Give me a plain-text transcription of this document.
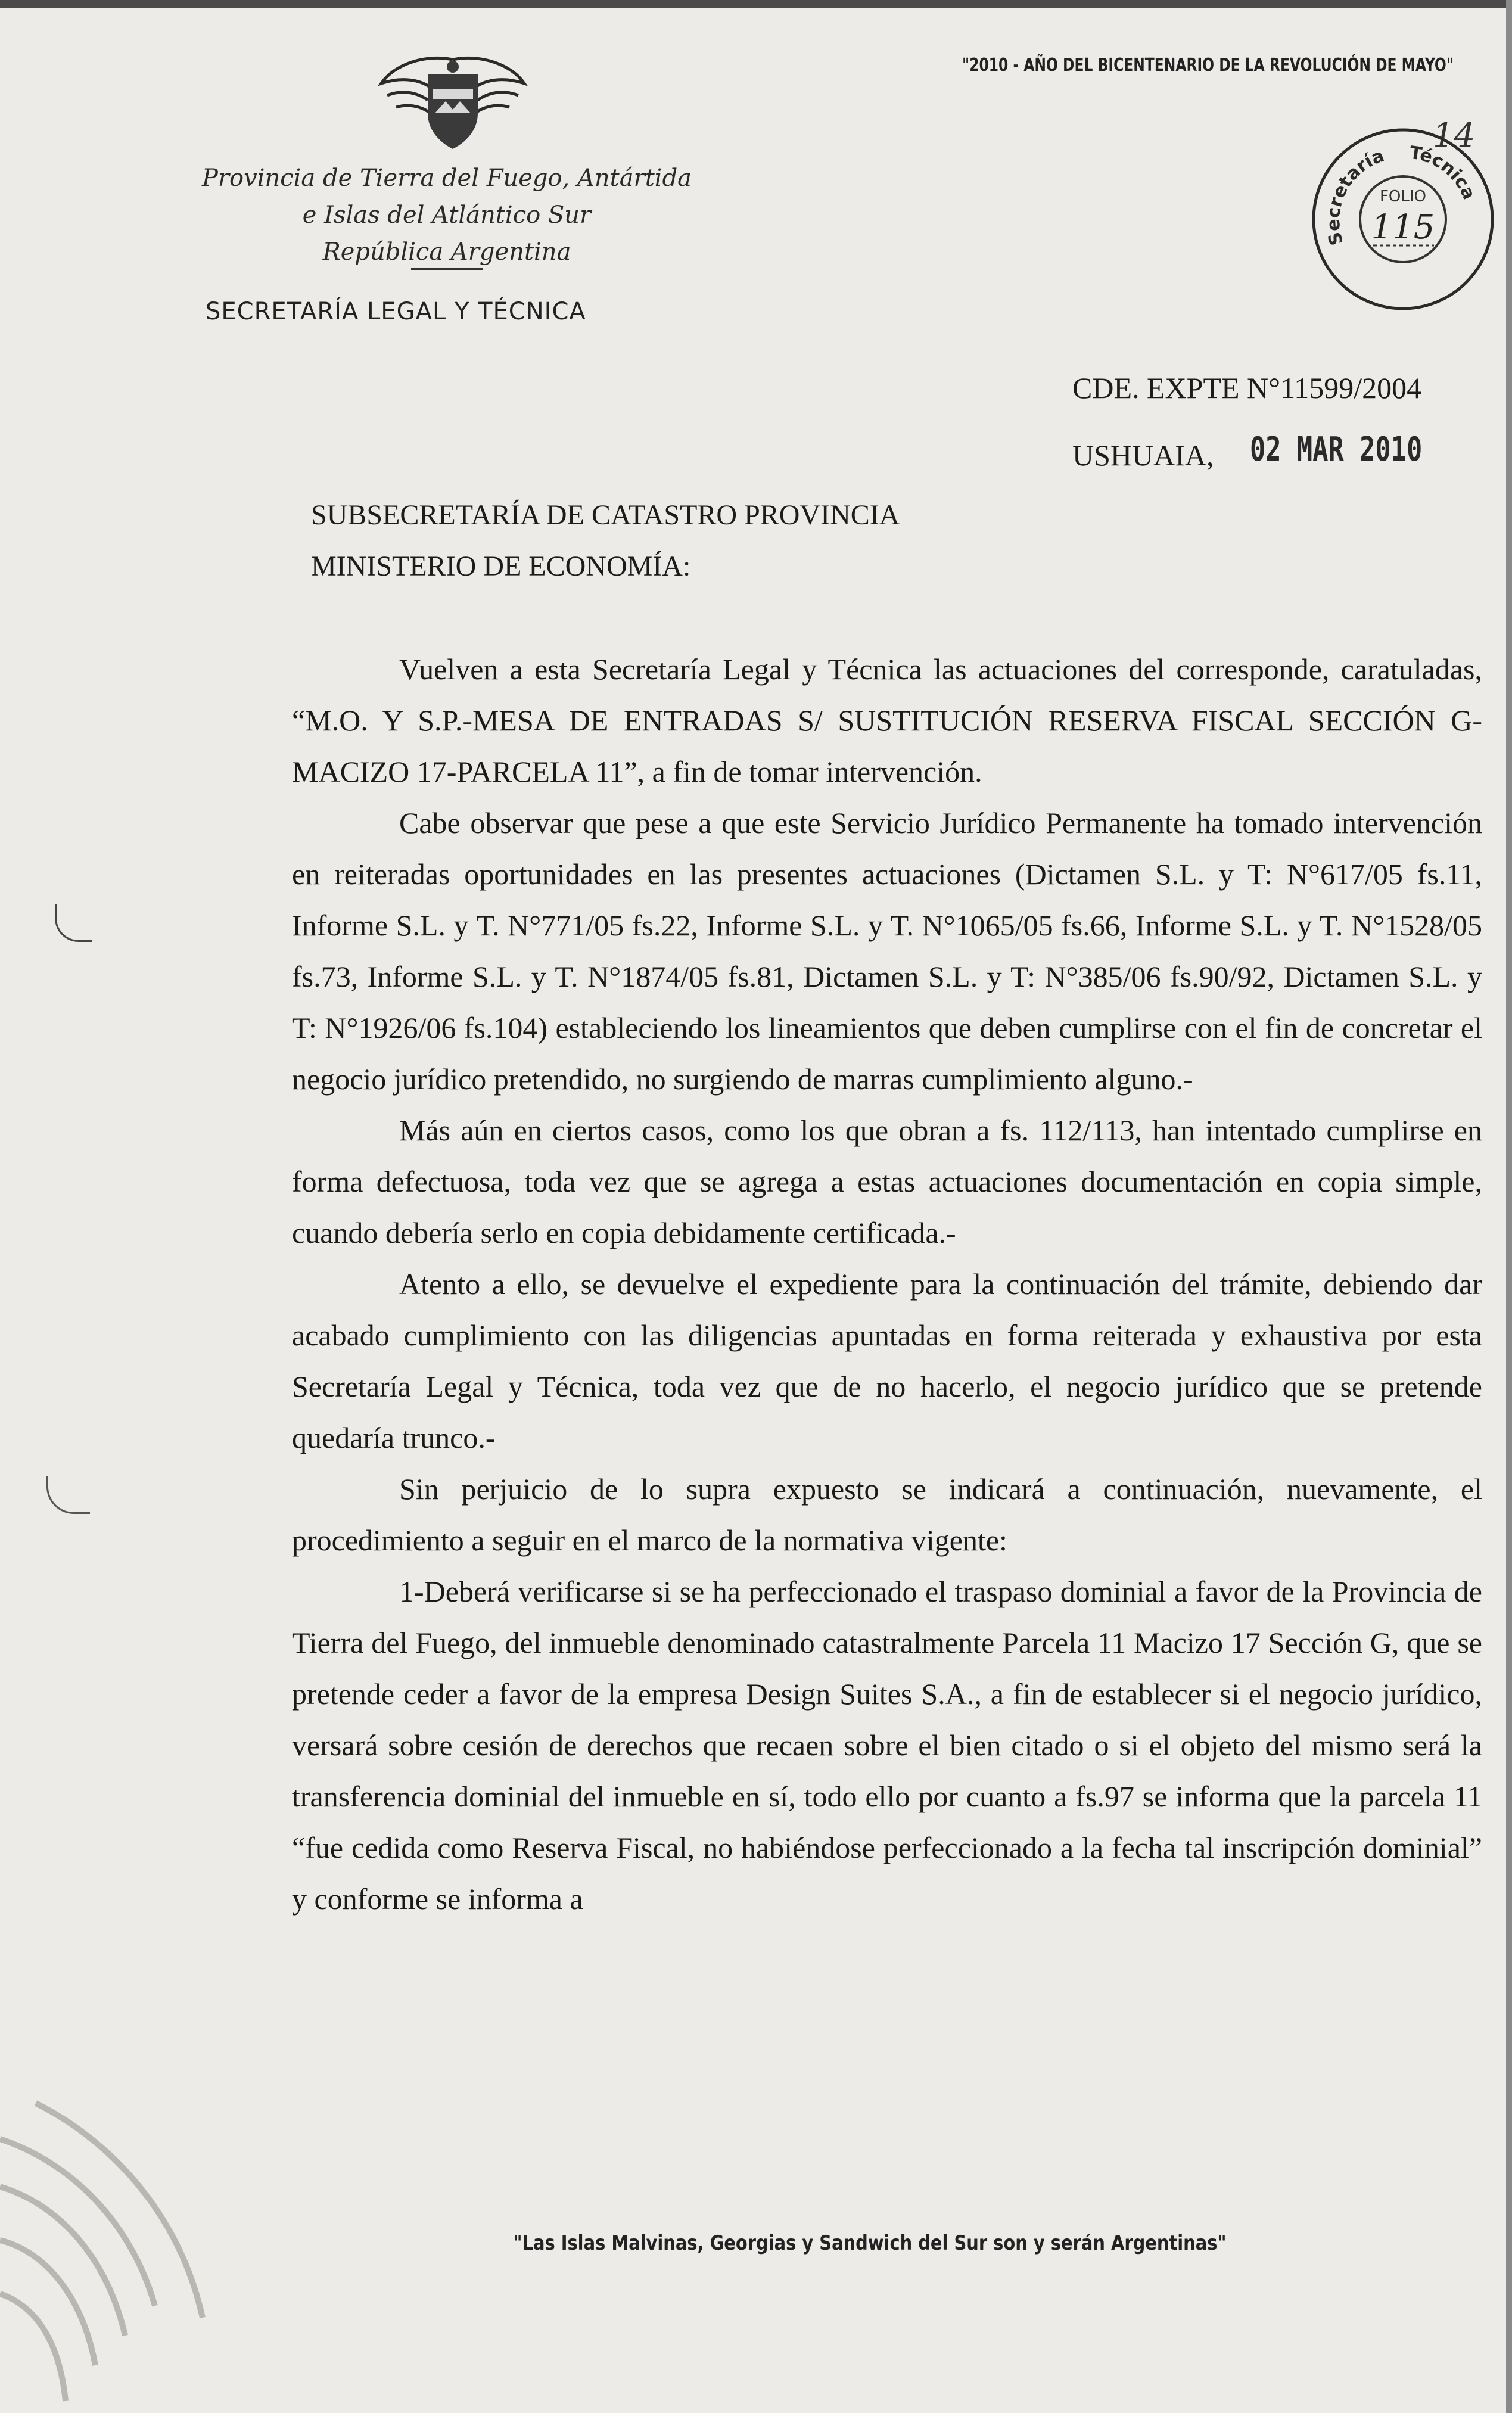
Provincia de Tierra del Fuego, Antártida
e Islas del Atlántico Sur
República Argentina
SECRETARÍA LEGAL Y TÉCNICA
"2010 - AÑO DEL BICENTENARIO DE LA REVOLUCIÓN DE MAYO"
14
Secretaría Técnica
FOLIO
115
CDE. EXPTE N°11599/2004
USHUAIA, 02 MAR 2010
SUBSECRETARÍA DE CATASTRO PROVINCIA
MINISTERIO DE ECONOMÍA:

Vuelven a esta Secretaría Legal y Técnica las actuaciones del corresponde, caratuladas, “M.O. Y S.P.-MESA DE ENTRADAS S/ SUSTITUCIÓN RESERVA FISCAL SECCIÓN G-MACIZO 17-PARCELA 11”, a fin de tomar intervención.

Cabe observar que pese a que este Servicio Jurídico Permanente ha tomado intervención en reiteradas oportunidades en las presentes actuaciones (Dictamen S.L. y T: N°617/05 fs.11, Informe S.L. y T. N°771/05 fs.22, Informe S.L. y T. N°1065/05 fs.66, Informe S.L. y T. N°1528/05 fs.73, Informe S.L. y T. N°1874/05 fs.81, Dictamen S.L. y T: N°385/06 fs.90/92, Dictamen S.L. y T: N°1926/06 fs.104) estableciendo los lineamientos que deben cumplirse con el fin de concretar el negocio jurídico pretendido, no surgiendo de marras cumplimiento alguno.-

Más aún en ciertos casos, como los que obran a fs. 112/113, han intentado cumplirse en forma defectuosa, toda vez que se agrega a estas actuaciones documentación en copia simple, cuando debería serlo en copia debidamente certificada.-

Atento a ello, se devuelve el expediente para la continuación del trámite, debiendo dar acabado cumplimiento con las diligencias apuntadas en forma reiterada y exhaustiva por esta Secretaría Legal y Técnica, toda vez que de no hacerlo, el negocio jurídico que se pretende quedaría trunco.-

Sin perjuicio de lo supra expuesto se indicará a continuación, nuevamente, el procedimiento a seguir en el marco de la normativa vigente:

1-Deberá verificarse si se ha perfeccionado el traspaso dominial a favor de la Provincia de Tierra del Fuego, del inmueble denominado catastralmente Parcela 11 Macizo 17 Sección G, que se pretende ceder a favor de la empresa Design Suites S.A., a fin de establecer si el negocio jurídico, versará sobre cesión de derechos que recaen sobre el bien citado o si el objeto del mismo será la transferencia dominial del inmueble en sí, todo ello por cuanto a fs.97 se informa que la parcela 11 “fue cedida como Reserva Fiscal, no habiéndose perfeccionado a la fecha tal inscripción dominial” y conforme se informa a

"Las Islas Malvinas, Georgias y Sandwich del Sur son y serán Argentinas"
